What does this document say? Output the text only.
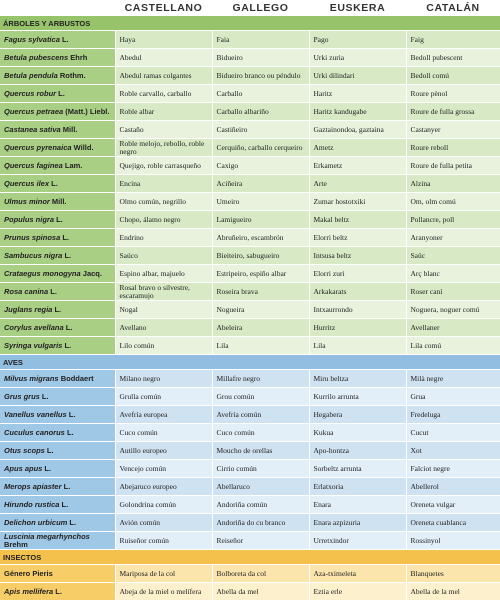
	CASTELLANO	GALLEGO	EUSKERA	CATALÁN
ÁRBOLES Y ARBUSTOS				
Fagus sylvatica L.	Haya	Faia	Pago	Faig
Betula pubescens Ehrh	Abedul	Bidueiro	Urki zuria	Bedoll pubescent
Betula pendula Rothm.	Abedul ramas colgantes	Bidueiro branco ou péndulo	Urki dilindari	Bedoll comú
Quercus robur L.	Roble carvallo, carballo	Carballo	Haritz	Roure pènol
Quercus petraea (Matt.) Liebl.	Roble albar	Carballo albariño	Haritz kandugabe	Roure de fulla grossa
Castanea sativa Mill.	Castaño	Castiñeiro	Gaztainondoa, gaztaina	Castanyer
Quercus pyrenaica Willd.	Roble melojo, rebollo, roble negro	Cerquiño, carballo cerqueiro	Ametz	Roure reboll
Quercus faginea Lam.	Quejigo, roble carrasqueño	Caxigo	Erkametz	Roure de fulla petita
Quercus ilex L.	Encina	Aciñeira	Arte	Alzina
Ulmus minor Mill.	Olmo común, negrillo	Umeiro	Zumar hostotxiki	Om, olm comú
Populus nigra L.	Chopo, álamo negro	Lamigueiro	Makal beltz	Pollancre, poll
Prunus spinosa L.	Endrino	Abruñeiro, escambrón	Elorri beltz	Aranyoner
Sambucus nigra L.	Saúco	Bieiteiro, sabugueiro	Intsusa beltz	Saüc
Crataegus monogyna Jacq.	Espino albar, majuelo	Estripeiro, espiño albar	Elorri zuri	Arç blanc
Rosa canina L.	Rosal bravo o silvestre, escaramujo	Roseira brava	Arkakarats	Roser caní
Juglans regia L.	Nogal	Nogueira	Intxaurrondo	Noguera, noguer comú
Corylus avellana L.	Avellano	Abeleira	Hurritz	Avellaner
Syringa vulgaris L.	Lilo común	Lila	Lila	Lila comú
AVES				
Milvus migrans Boddaert	Milano negro	Millafre negro	Miru beltza	Milà negre
Grus grus L.	Grulla común	Grou común	Kurrilo arrunta	Grua
Vanellus vanellus L.	Avefría europea	Avefría común	Hegabera	Fredeluga
Cuculus canorus L.	Cuco común	Cuco común	Kukua	Cucut
Otus scops L.	Autillo europeo	Moucho de orellas	Apo-hontza	Xot
Apus apus L.	Vencejo común	Cirrio común	Sorbeltz arrunta	Falciot negre
Merops apiaster L.	Abejaruco europeo	Abellaruco	Erlatxoria	Abellerol
Hirundo rustica L.	Golondrina común	Andoriña común	Enara	Oreneta vulgar
Delichon urbicum L.	Avión común	Andoriña do cu branco	Enara azpizuria	Oreneta cuablanca
Luscinia megarhynchos Brehm	Ruiseñor común	Reiseñor	Urretxindor	Rossinyol
INSECTOS				
Género Pieris	Mariposa de la col	Bolboreta da col	Aza-tximeleta	Blanquetes
Apis mellifera L.	Abeja de la miel o melífera	Abella da mel	Eztia erle	Abella de la mel
